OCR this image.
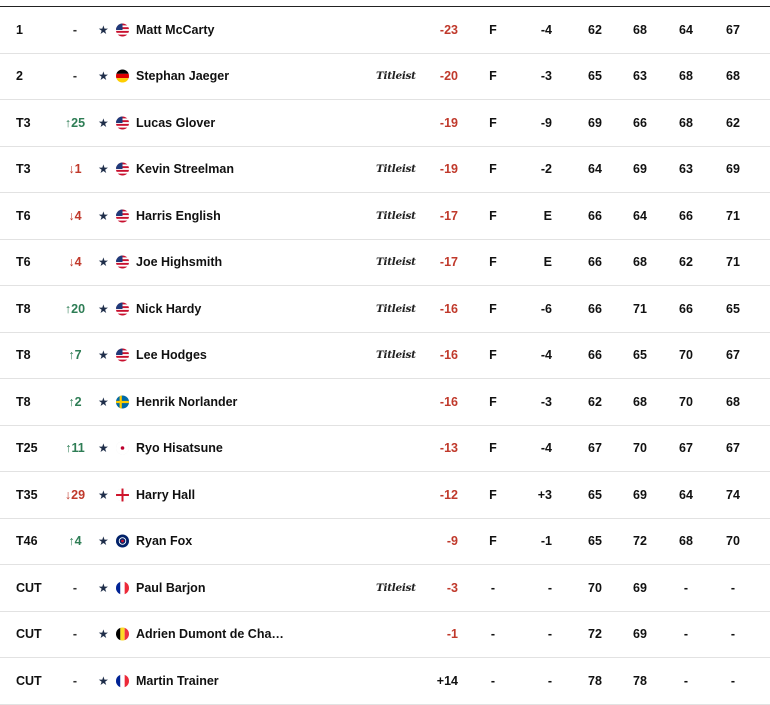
1	-	★ Matt McCarty	-23 F	-4	62	68	64	67
2	-	★ Stephan Jaeger	Titleist	-20 F	-3	65	63	68	68
T3	↑25	★ Lucas Glover	-19 F	-9	69	66	68	62
T3	↓1	★ Kevin Streelman	Titleist	-19 F	-2	64	69	63	69
T6	↓4	★ Harris English	Titleist	-17 F	E	66	64	66	71
T6	↓4	★ Joe Highsmith	Titleist	-17 F	E	66	68	62	71
T8	↑20	★ Nick Hardy	Titleist	-16 F	-6	66	71	66	65
T8	↑7	★ Lee Hodges	Titleist	-16 F	-4	66	65	70	67
T8	↑2	★ Henrik Norlander	-16 F	-3	62	68	70	68
T25	↑11	★ Ryo Hisatsune	-13 F	-4	67	70	67	67
T35	↓29	★ Harry Hall	-12 F	+3	65	69	64	74
T46	↑4	★ Ryan Fox	-9 F	-1	65	72	68	70
CUT	-	★ Paul Barjon	Titleist	-3	-	-	70	69	-	-
CUT	-	★ Adrien Dumont de Cha…	-1	-	-	72	69	-	-
CUT	-	★ Martin Trainer	+14	-	-	78	78	-	-
